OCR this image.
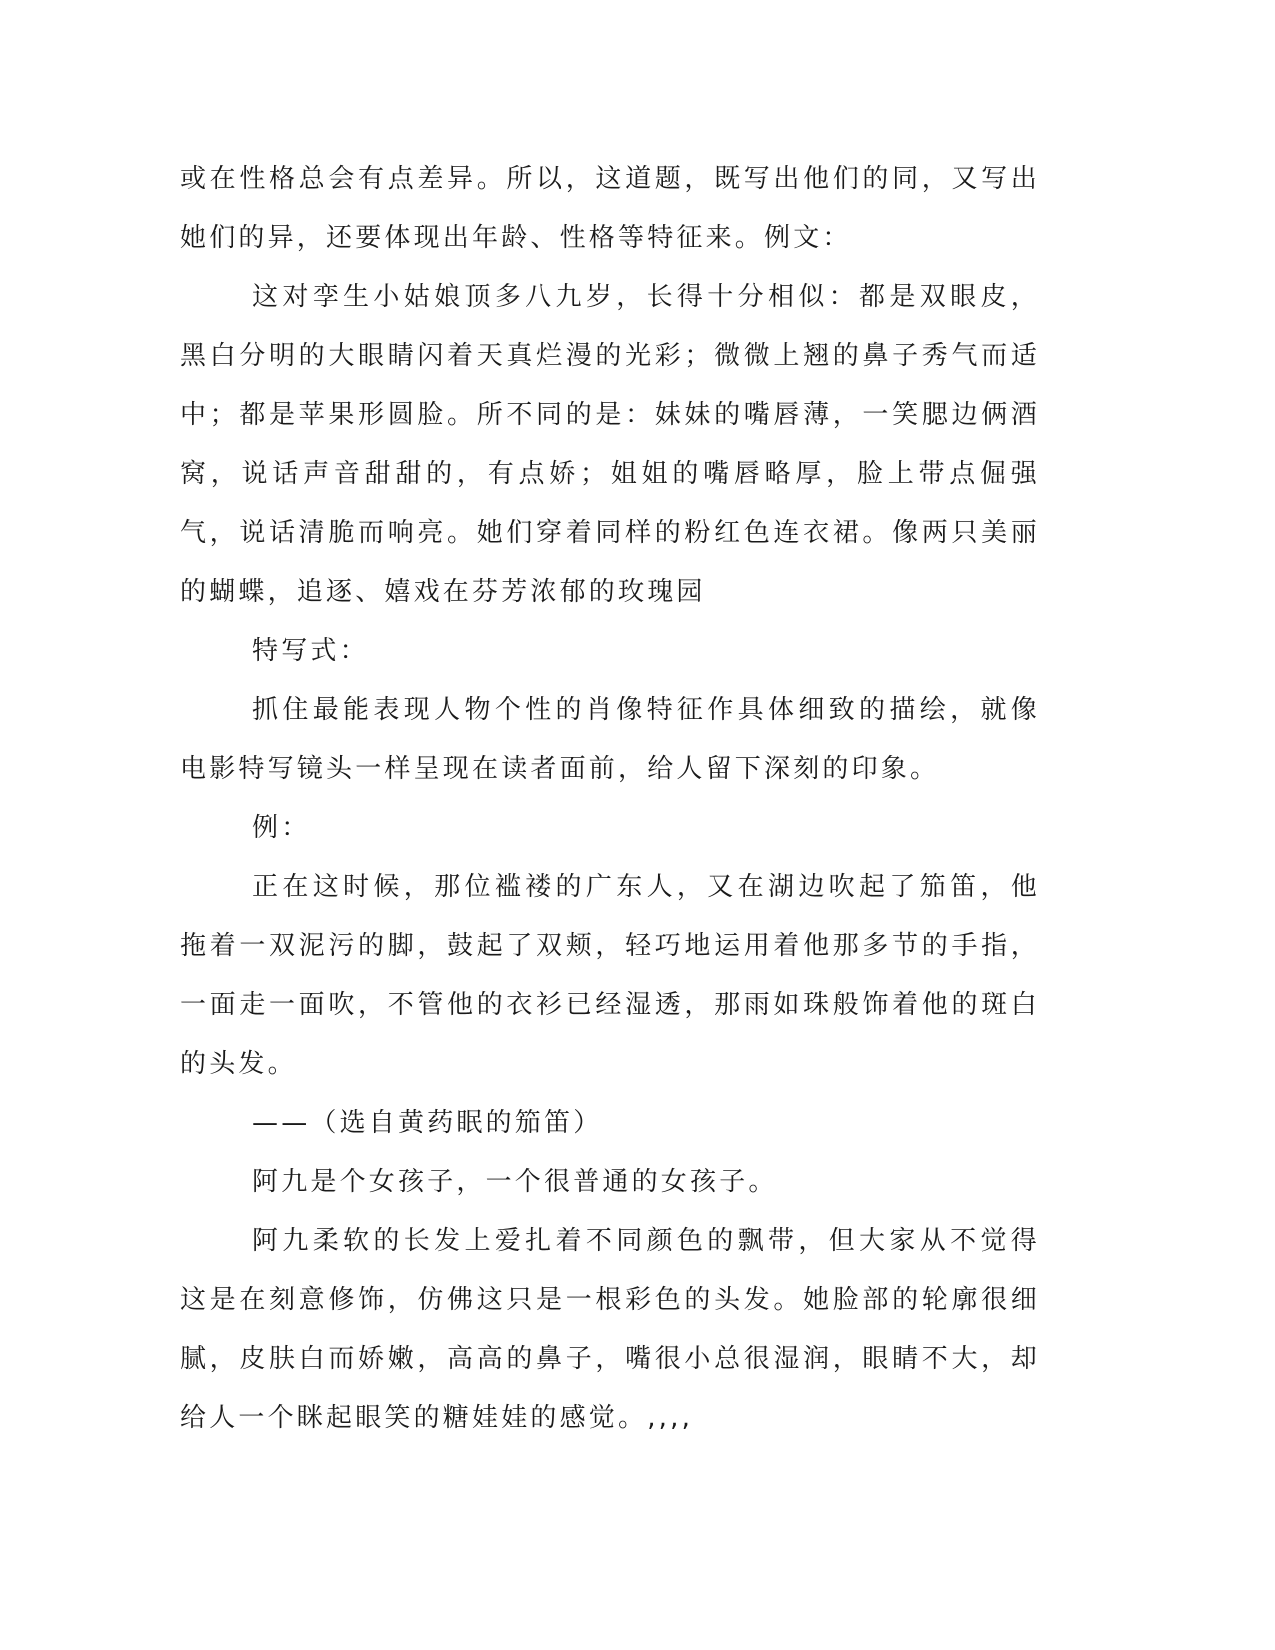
或在性格总会有点差异。所以，这道题，既写出他们的同，又写出她们的异，还要体现出年龄、性格等特征来。例文：

这对孪生小姑娘顶多八九岁，长得十分相似：都是双眼皮，黑白分明的大眼睛闪着天真烂漫的光彩；微微上翘的鼻子秀气而适中；都是苹果形圆脸。所不同的是：妹妹的嘴唇薄，一笑腮边俩酒窝，说话声音甜甜的，有点娇；姐姐的嘴唇略厚，脸上带点倔强气，说话清脆而响亮。她们穿着同样的粉红色连衣裙。像两只美丽的蝴蝶，追逐、嬉戏在芬芳浓郁的玫瑰园

特写式：

抓住最能表现人物个性的肖像特征作具体细致的描绘，就像电影特写镜头一样呈现在读者面前，给人留下深刻的印象。

例：

正在这时候，那位褴褛的广东人，又在湖边吹起了笳笛，他拖着一双泥污的脚，鼓起了双颊，轻巧地运用着他那多节的手指，一面走一面吹，不管他的衣衫已经湿透，那雨如珠般饰着他的斑白的头发。

——（选自黄药眠的笳笛）

阿九是个女孩子，一个很普通的女孩子。

阿九柔软的长发上爱扎着不同颜色的飘带，但大家从不觉得这是在刻意修饰，仿佛这只是一根彩色的头发。她脸部的轮廓很细腻，皮肤白而娇嫩，高高的鼻子，嘴很小总很湿润，眼睛不大，却给人一个眯起眼笑的糖娃娃的感觉。,,,,
